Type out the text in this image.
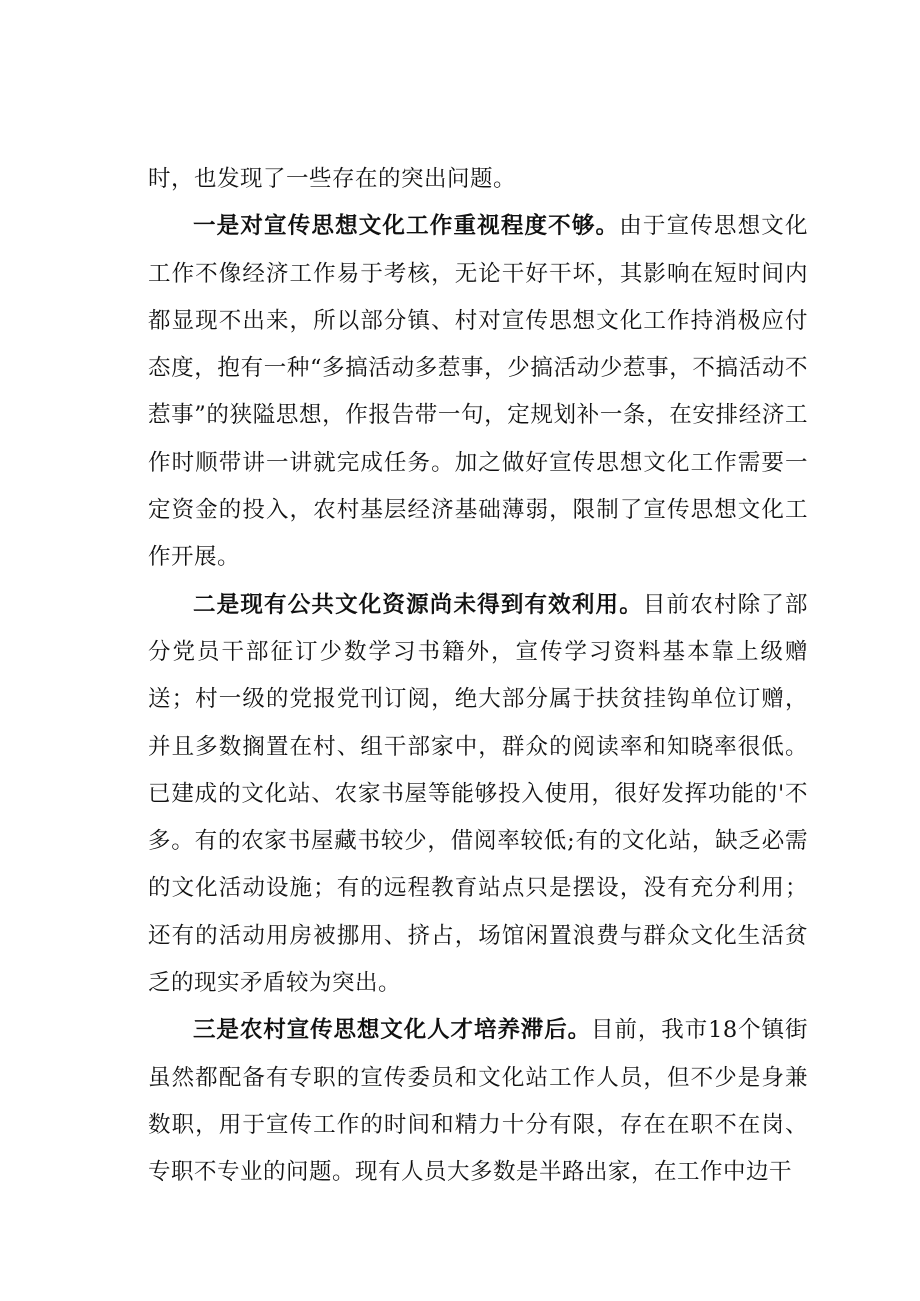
时，也发现了一些存在的突出问题。

一是对宣传思想文化工作重视程度不够。由于宣传思想文化工作不像经济工作易于考核，无论干好干坏，其影响在短时间内都显现不出来，所以部分镇、村对宣传思想文化工作持消极应付态度，抱有一种“多搞活动多惹事，少搞活动少惹事，不搞活动不惹事”的狭隘思想，作报告带一句，定规划补一条，在安排经济工作时顺带讲一讲就完成任务。加之做好宣传思想文化工作需要一定资金的投入，农村基层经济基础薄弱，限制了宣传思想文化工作开展。

二是现有公共文化资源尚未得到有效利用。目前农村除了部分党员干部征订少数学习书籍外，宣传学习资料基本靠上级赠送；村一级的党报党刊订阅，绝大部分属于扶贫挂钩单位订赠，并且多数搁置在村、组干部家中，群众的阅读率和知晓率很低。已建成的文化站、农家书屋等能够投入使用，很好发挥功能的'不多。有的农家书屋藏书较少，借阅率较低;有的文化站，缺乏必需的文化活动设施；有的远程教育站点只是摆设，没有充分利用；还有的活动用房被挪用、挤占，场馆闲置浪费与群众文化生活贫乏的现实矛盾较为突出。

三是农村宣传思想文化人才培养滞后。目前，我市18个镇街虽然都配备有专职的宣传委员和文化站工作人员，但不少是身兼数职，用于宣传工作的时间和精力十分有限，存在在职不在岗、专职不专业的问题。现有人员大多数是半路出家，在工作中边干
